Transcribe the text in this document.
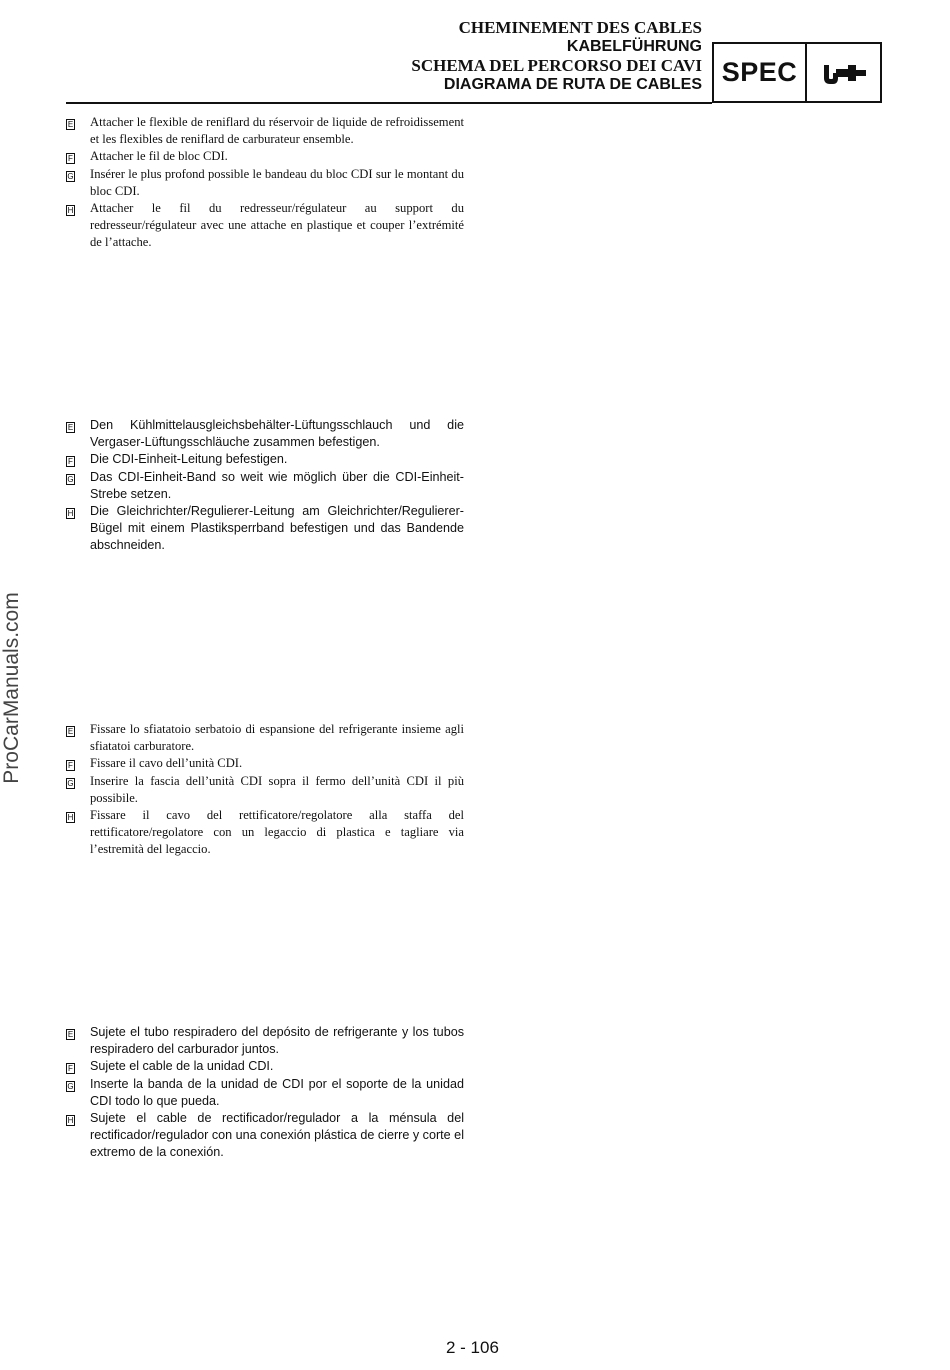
CHEMINEMENT DES CABLES
KABELFÜHRUNG
SCHEMA DEL PERCORSO DEI CAVI
DIAGRAMA DE RUTA DE CABLES SPEC
ProCarManuals.com
E	Attacher le flexible de reniflard du réservoir de liquide de refroidissement et les flexibles de reniflard de carburateur ensemble.
F	Attacher le fil de bloc CDI.
G	Insérer le plus profond possible le bandeau du bloc CDI sur le montant du bloc CDI.
H	Attacher le fil du redresseur/régulateur au support du redresseur/régulateur avec une attache en plastique et couper l’extrémité de l’attache.
E	Den Kühlmittelausgleichsbehälter-Lüftungsschlauch und die Vergaser-Lüftungsschläuche zusammen befestigen.
F	Die CDI-Einheit-Leitung befestigen.
G	Das CDI-Einheit-Band so weit wie möglich über die CDI-Einheit-Strebe setzen.
H	Die Gleichrichter/Regulierer-Leitung am Gleichrichter/Regulierer-Bügel mit einem Plastiksperrband befestigen und das Bandende abschneiden.
E	Fissare lo sfiatatoio serbatoio di espansione del refrigerante insieme agli sfiatatoi carburatore.
F	Fissare il cavo dell’unità CDI.
G	Inserire la fascia dell’unità CDI sopra il fermo dell’unità CDI il più possibile.
H	Fissare il cavo del rettificatore/regolatore alla staffa del rettificatore/regolatore con un legaccio di plastica e tagliare via l’estremità del legaccio.
E	Sujete el tubo respiradero del depósito de refrigerante y los tubos respiradero del carburador juntos.
F	Sujete el cable de la unidad CDI.
G	Inserte la banda de la unidad de CDI por el soporte de la unidad CDI todo lo que pueda.
H	Sujete el cable de rectificador/regulador a la ménsula del rectificador/regulador con una conexión plástica de cierre y corte el extremo de la conexión.
2 - 106
